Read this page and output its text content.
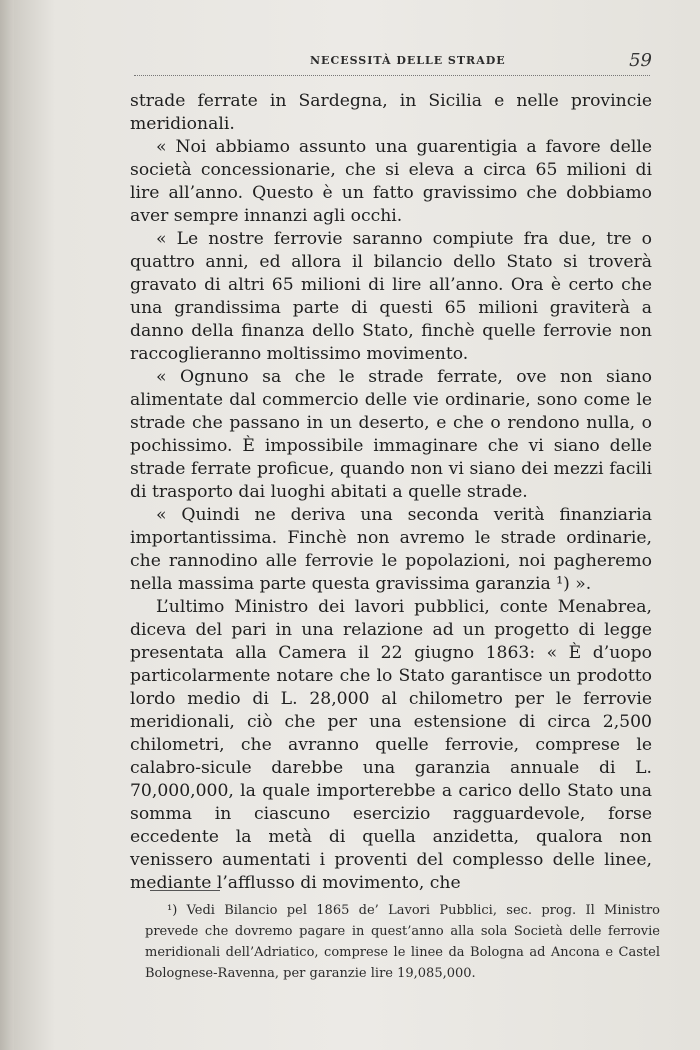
NECESSITÀ DELLE STRADE	59

strade ferrate in Sardegna, in Sicilia e nelle provincie meridionali.

« Noi abbiamo assunto una guarentigia a favore delle società concessionarie, che si eleva a circa 65 milioni di lire all’anno. Questo è un fatto gravissimo che dobbiamo aver sempre innanzi agli occhi.

« Le nostre ferrovie saranno compiute fra due, tre o quattro anni, ed allora il bilancio dello Stato si troverà gravato di altri 65 milioni di lire all’anno. Ora è certo che una grandissima parte di questi 65 milioni graviterà a danno della finanza dello Stato, finchè quelle ferrovie non raccoglieranno moltissimo movimento.

« Ognuno sa che le strade ferrate, ove non siano alimentate dal commercio delle vie ordinarie, sono come le strade che passano in un deserto, e che o rendono nulla, o pochissimo. È impossibile immaginare che vi siano delle strade ferrate proficue, quando non vi siano dei mezzi facili di trasporto dai luoghi abitati a quelle strade.

« Quindi ne deriva una seconda verità finanziaria importantissima. Finchè non avremo le strade ordinarie, che rannodino alle ferrovie le popolazioni, noi pagheremo nella massima parte questa gravissima garanzia ¹) ».

L’ultimo Ministro dei lavori pubblici, conte Menabrea, diceva del pari in una relazione ad un progetto di legge presentata alla Camera il 22 giugno 1863: « È d’uopo particolarmente notare che lo Stato garantisce un prodotto lordo medio di L. 28,000 al chilometro per le ferrovie meridionali, ciò che per una estensione di circa 2,500 chilometri, che avranno quelle ferrovie, comprese le calabro-sicule darebbe una garanzia annuale di L. 70,000,000, la quale importerebbe a carico dello Stato una somma in ciascuno esercizio ragguardevole, forse eccedente la metà di quella anzidetta, qualora non venissero aumentati i proventi del complesso delle linee, mediante l’afflusso di movimento, che

¹) Vedi Bilancio pel 1865 de’ Lavori Pubblici, sec. prog. Il Ministro prevede che dovremo pagare in quest’anno alla sola Società delle ferrovie meridionali dell’Adriatico, comprese le linee da Bologna ad Ancona e Castel Bolognese-Ravenna, per garanzie lire 19,085,000.
